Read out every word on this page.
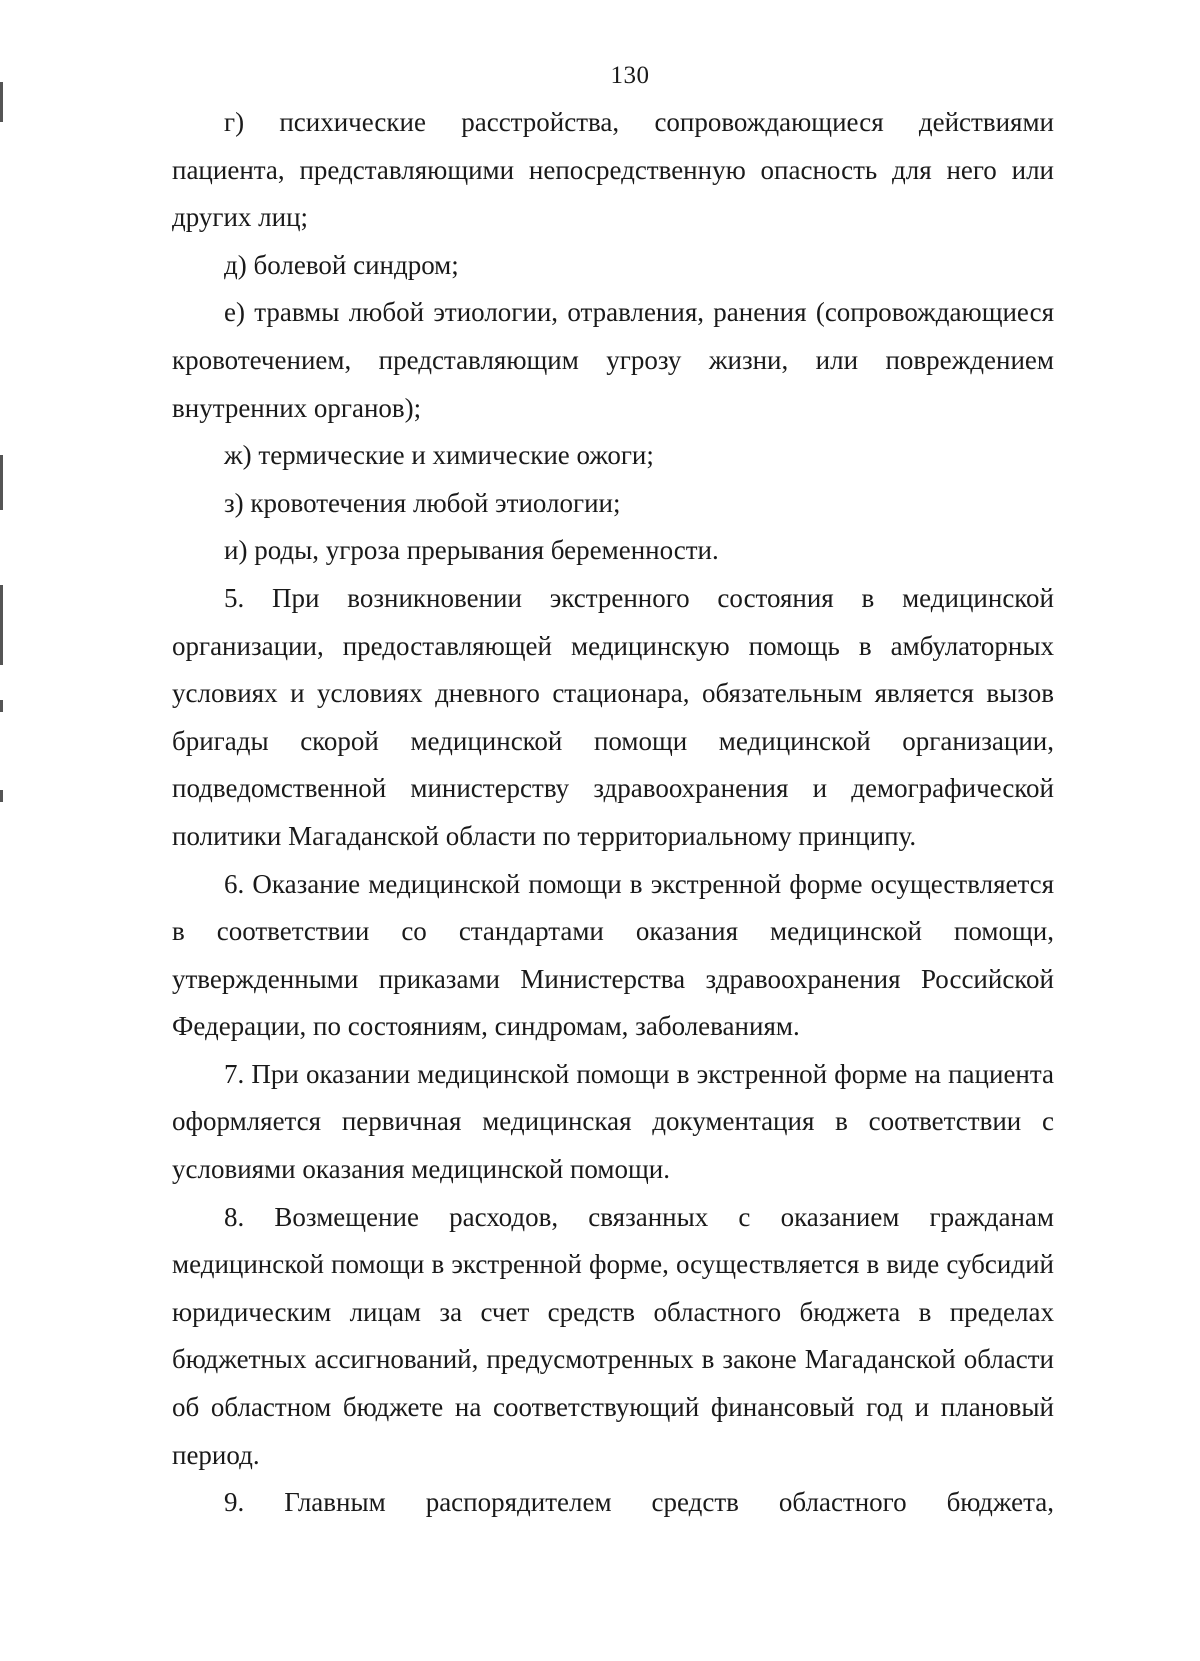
130

г) психические расстройства, сопровождающиеся действиями пациента, представляющими непосредственную опасность для него или других лиц;

д) болевой синдром;

е) травмы любой этиологии, отравления, ранения (сопровождающиеся кровотечением, представляющим угрозу жизни, или повреждением внутренних органов);

ж) термические и химические ожоги;

з) кровотечения любой этиологии;

и) роды, угроза прерывания беременности.

5. При возникновении экстренного состояния в медицинской организации, предоставляющей медицинскую помощь в амбулаторных условиях и условиях дневного стационара, обязательным является вызов бригады скорой медицинской помощи медицинской организации, подведомственной министерству здравоохранения и демографической политики Магаданской области по территориальному принципу.

6. Оказание медицинской помощи в экстренной форме осуществляется в соответствии со стандартами оказания медицинской помощи, утвержденными приказами Министерства здравоохранения Российской Федерации, по состояниям, синдромам, заболеваниям.

7. При оказании медицинской помощи в экстренной форме на пациента оформляется первичная медицинская документация в соответствии с условиями оказания медицинской помощи.

8. Возмещение расходов, связанных с оказанием гражданам медицинской помощи в экстренной форме, осуществляется в виде субсидий юридическим лицам за счет средств областного бюджета в пределах бюджетных ассигнований, предусмотренных в законе Магаданской области об областном бюджете на соответствующий финансовый год и плановый период.

9. Главным распорядителем средств областного бюджета,
